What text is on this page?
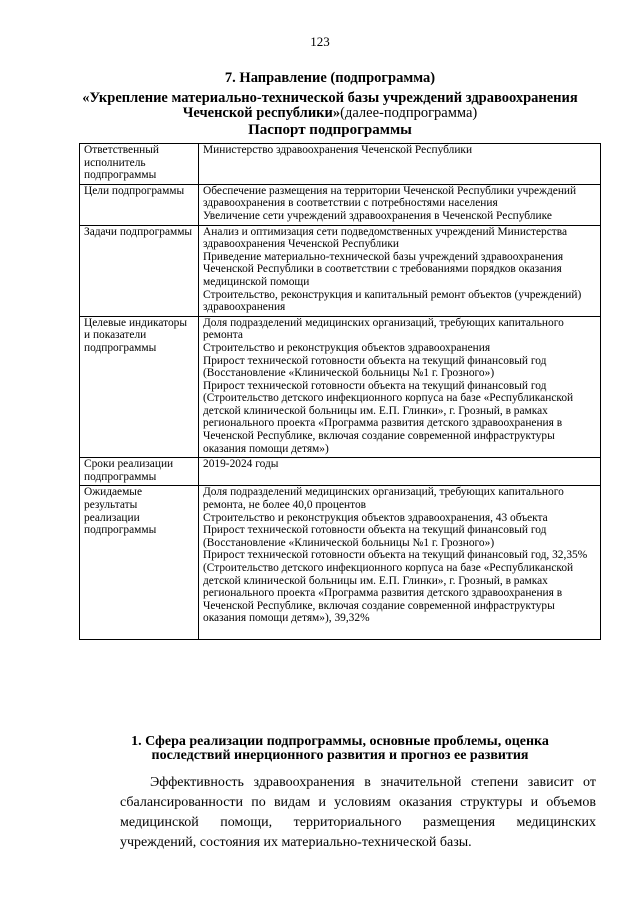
123
7. Направление (подпрограмма)
«Укрепление материально-технической базы учреждений здравоохранения Чеченской республики»(далее-подпрограмма)
Паспорт подпрограммы
Ответственный исполнитель подпрограммы	Министерство здравоохранения Чеченской Республики

Цели подпрограммы	Обеспечение размещения на территории Чеченской Республики учреждений здравоохранения в соответствии с потребностями населения
Увеличение сети учреждений здравоохранения в Чеченской Республике

Задачи подпрограммы	Анализ и оптимизация сети подведомственных учреждений Министерства здравоохранения Чеченской Республики
Приведение материально-технической базы учреждений здравоохранения Чеченской Республики в соответствии с требованиями порядков оказания медицинской помощи
Строительство, реконструкция и капитальный ремонт объектов (учреждений) здравоохранения

Целевые индикаторы и показатели подпрограммы	Доля подразделений медицинских организаций, требующих капитального ремонта
Строительство и реконструкция объектов здравоохранения
Прирост технической готовности объекта на текущий финансовый год (Восстановление «Клинической больницы №1 г. Грозного»)
Прирост технической готовности объекта на текущий финансовый год
(Строительство детского инфекционного корпуса на базе «Республиканской детской клинической больницы им. Е.П. Глинки», г. Грозный, в рамках регионального проекта «Программа развития детского здравоохранения в Чеченской Республике, включая создание современной инфраструктуры оказания помощи детям»)

Сроки реализации подпрограммы	2019-2024 годы

Ожидаемые результаты реализации подпрограммы	Доля подразделений медицинских организаций, требующих капитального ремонта, не более 40,0 процентов
Строительство и реконструкция объектов здравоохранения, 43 объекта
Прирост технической готовности объекта на текущий финансовый год (Восстановление «Клинической больницы №1 г. Грозного»)
Прирост технической готовности объекта на текущий финансовый год, 32,35%
(Строительство детского инфекционного корпуса на базе «Республиканской детской клинической больницы им. Е.П. Глинки», г. Грозный, в рамках регионального проекта «Программа развития детского здравоохранения в Чеченской Республике, включая создание современной инфраструктуры оказания помощи детям»), 39,32%
1. Сфера реализации подпрограммы, основные проблемы, оценка
последствий инерционного развития и прогноз ее развития
Эффективность здравоохранения в значительной степени зависит от
сбалансированности по видам и условиям оказания структуры и объемов
медицинской помощи, территориального размещения медицинских
учреждений, состояния их материально-технической базы.
